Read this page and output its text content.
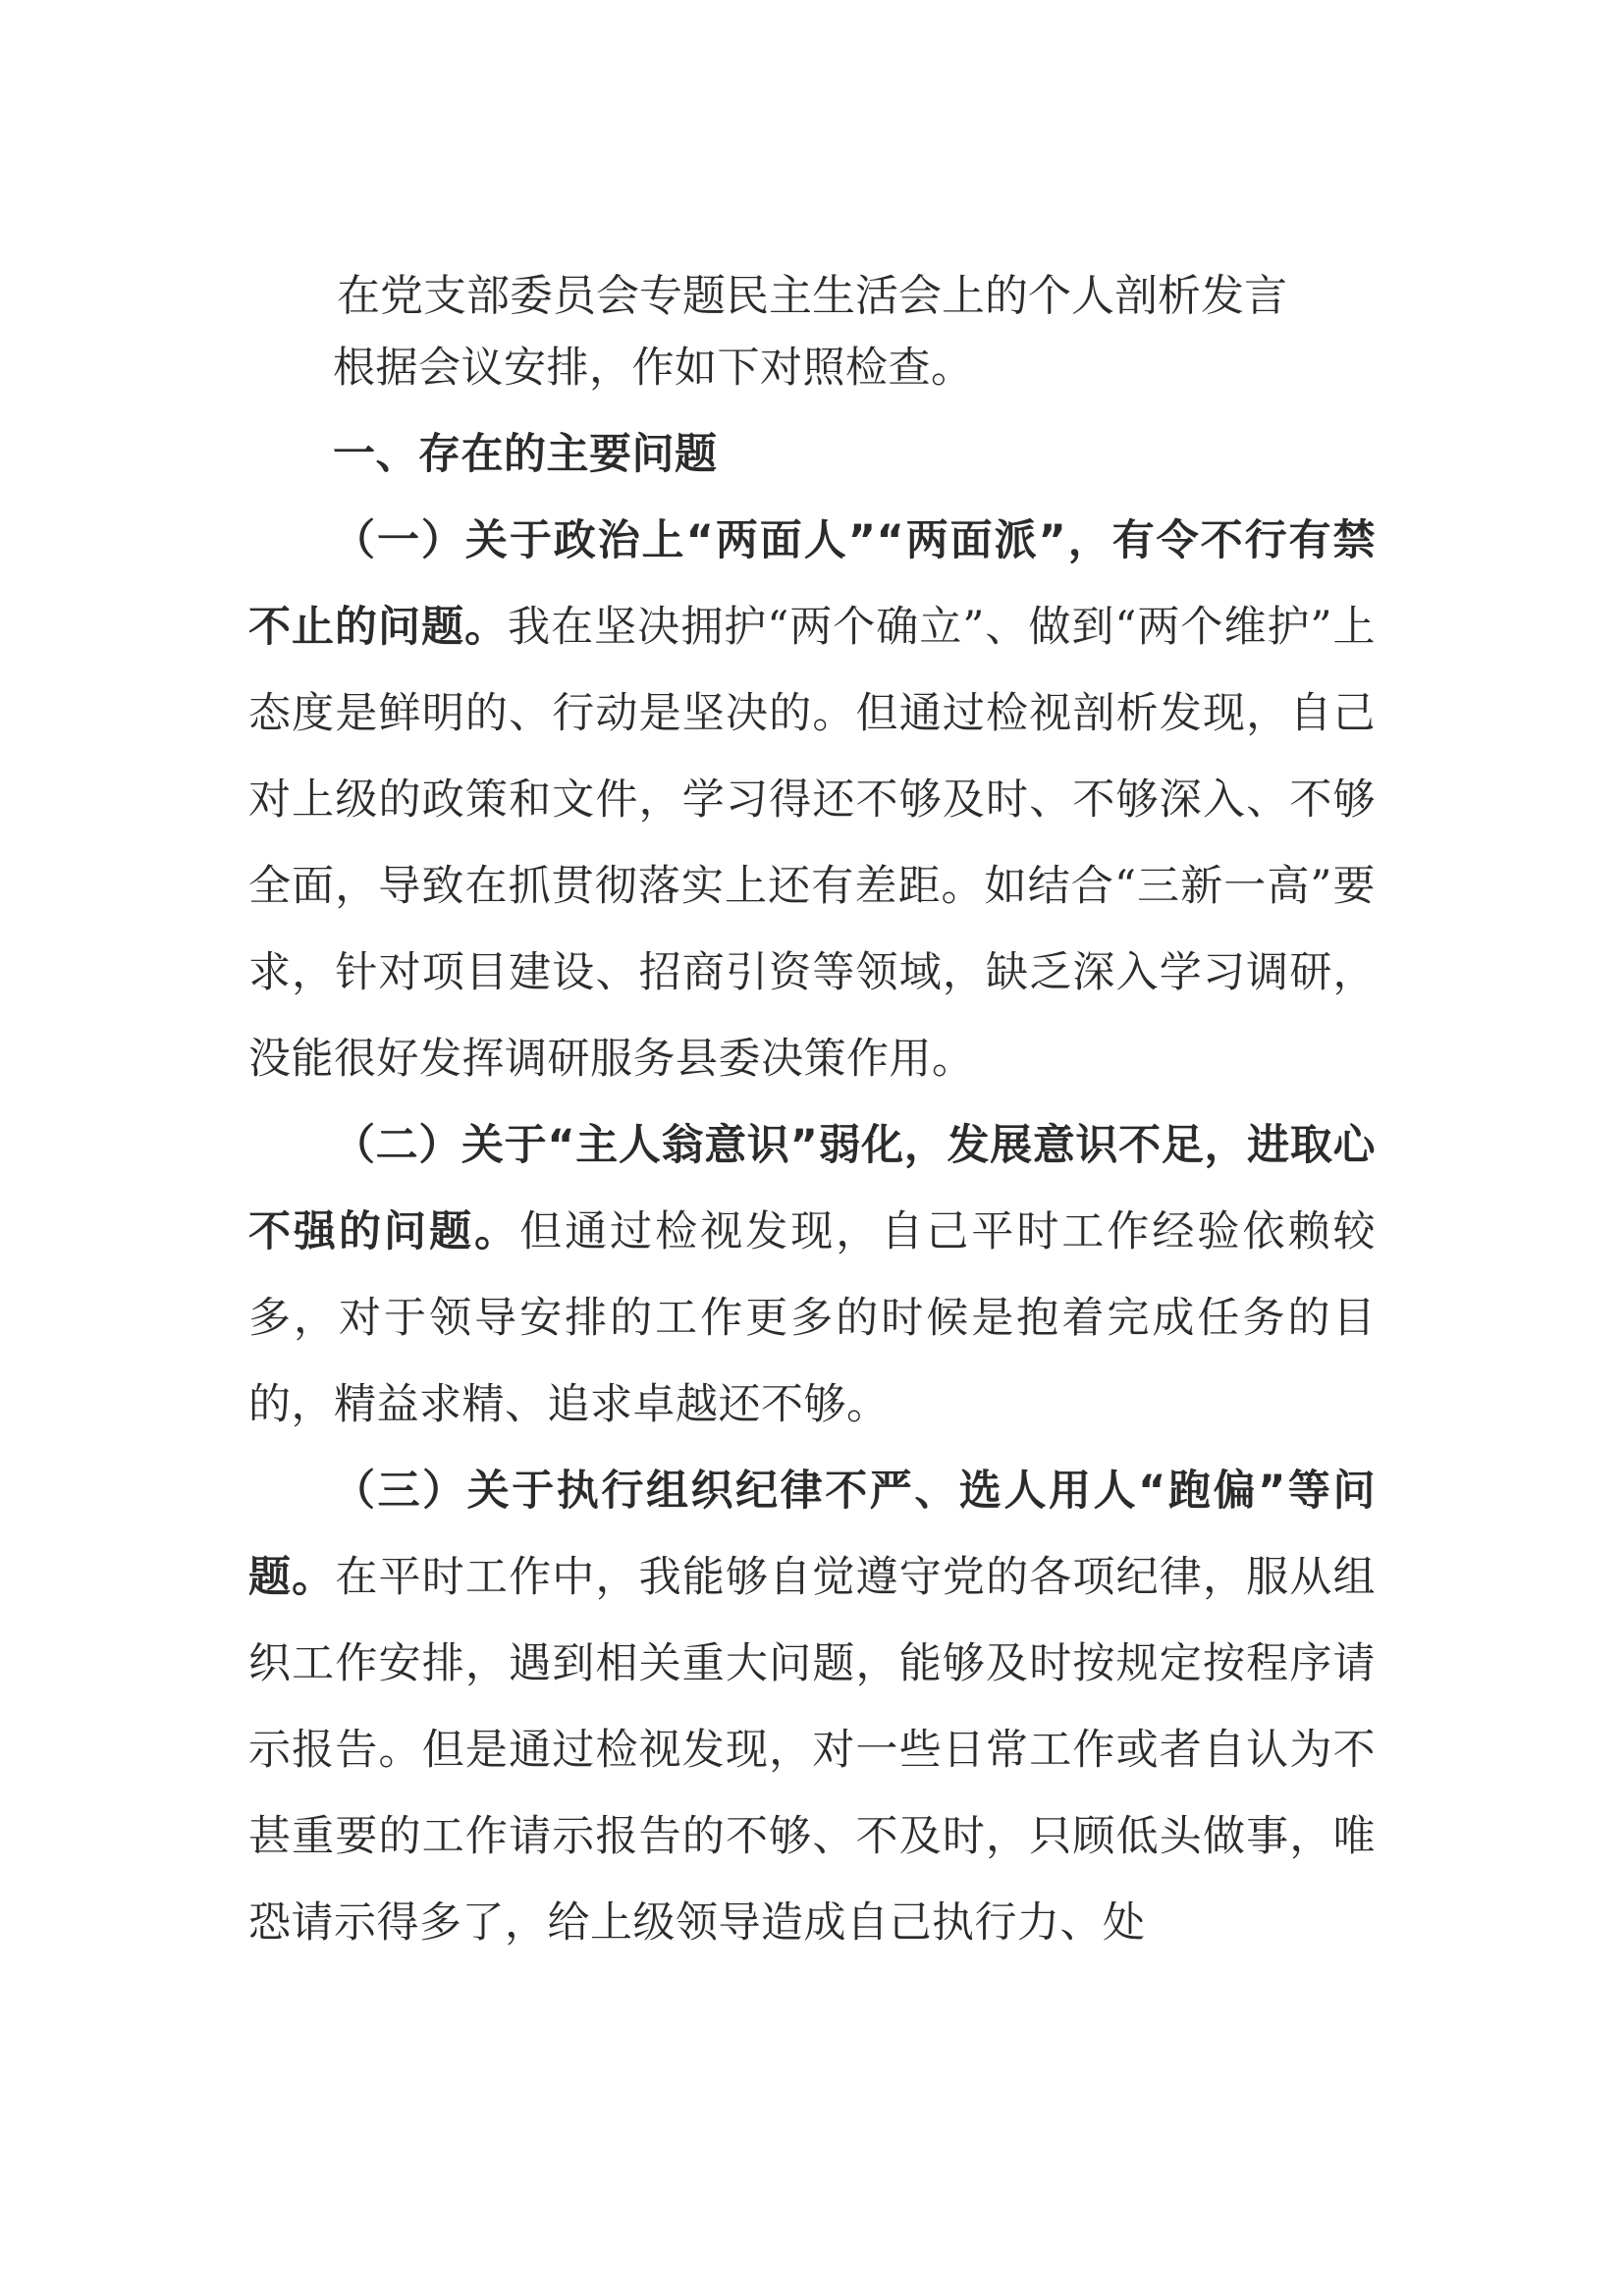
在党支部委员会专题民主生活会上的个人剖析发言

根据会议安排，作如下对照检查。

一、存在的主要问题

（一）关于政治上“两面人”“两面派”，有令不行有禁不止的问题。我在坚决拥护“两个确立”、做到“两个维护”上态度是鲜明的、行动是坚决的。但通过检视剖析发现，自己对上级的政策和文件，学习得还不够及时、不够深入、不够全面，导致在抓贯彻落实上还有差距。如结合“三新一高”要求，针对项目建设、招商引资等领域，缺乏深入学习调研，没能很好发挥调研服务县委决策作用。

（二）关于“主人翁意识”弱化，发展意识不足，进取心不强的问题。但通过检视发现，自己平时工作经验依赖较多，对于领导安排的工作更多的时候是抱着完成任务的目的，精益求精、追求卓越还不够。

（三）关于执行组织纪律不严、选人用人“跑偏”等问题。在平时工作中，我能够自觉遵守党的各项纪律，服从组织工作安排，遇到相关重大问题，能够及时按规定按程序请示报告。但是通过检视发现，对一些日常工作或者自认为不甚重要的工作请示报告的不够、不及时，只顾低头做事，唯恐请示得多了，给上级领导造成自己执行力、处
